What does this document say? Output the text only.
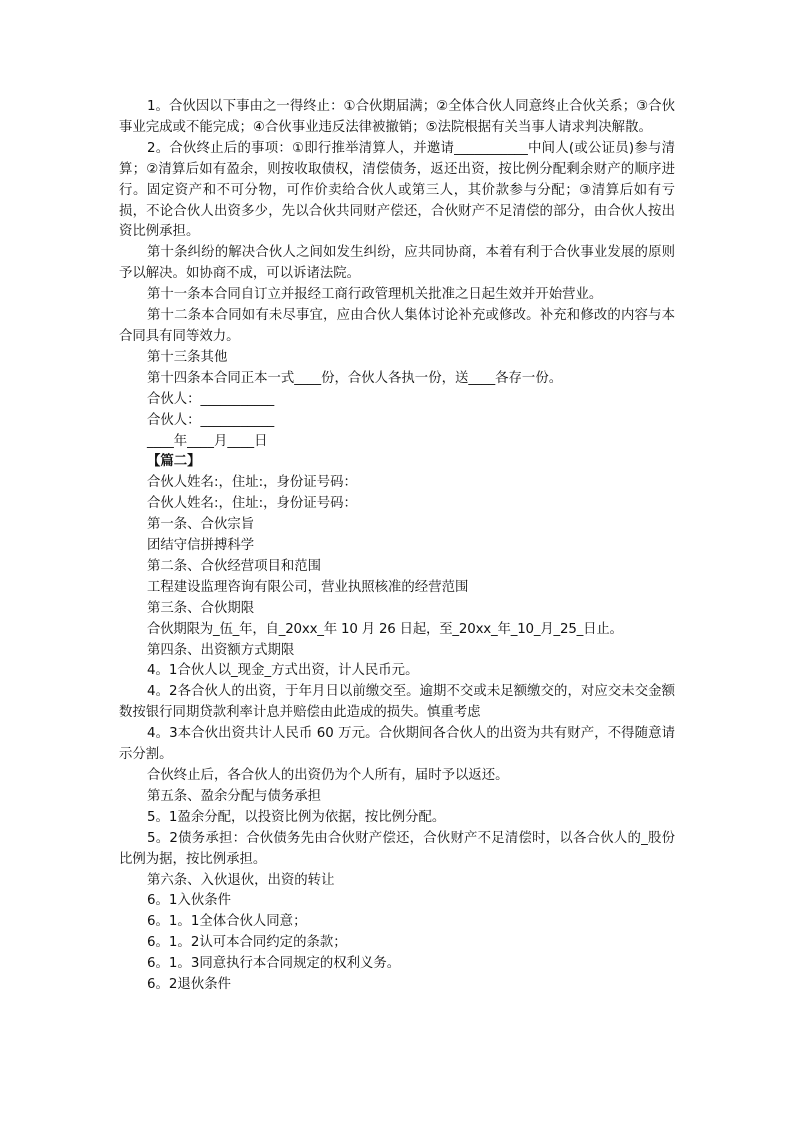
1。合伙因以下事由之一得终止：①合伙期届满；②全体合伙人同意终止合伙关系；③合伙事业完成或不能完成；④合伙事业违反法律被撤销；⑤法院根据有关当事人请求判决解散。

2。合伙终止后的事项：①即行推举清算人，并邀请___________中间人(或公证员)参与清算；②清算后如有盈余，则按收取债权，清偿债务，返还出资，按比例分配剩余财产的顺序进行。固定资产和不可分物，可作价卖给合伙人或第三人，其价款参与分配；③清算后如有亏损，不论合伙人出资多少，先以合伙共同财产偿还，合伙财产不足清偿的部分，由合伙人按出资比例承担。

第十条纠纷的解决合伙人之间如发生纠纷，应共同协商，本着有利于合伙事业发展的原则予以解决。如协商不成，可以诉诸法院。

第十一条本合同自订立并报经工商行政管理机关批准之日起生效并开始营业。

第十二条本合同如有未尽事宜，应由合伙人集体讨论补充或修改。补充和修改的内容与本合同具有同等效力。

第十三条其他

第十四条本合同正本一式____份，合伙人各执一份，送____各存一份。

合伙人：___________

合伙人：___________

____年____月____日

【篇二】

合伙人姓名:，住址:，身份证号码：

合伙人姓名:，住址:，身份证号码：

第一条、合伙宗旨

团结守信拼搏科学

第二条、合伙经营项目和范围

工程建设监理咨询有限公司，营业执照核准的经营范围

第三条、合伙期限

合伙期限为_伍_年，自_20xx_年 10 月 26 日起，至_20xx_年_10_月_25_日止。

第四条、出资额方式期限

4。1合伙人以_现金_方式出资，计人民币元。

4。2各合伙人的出资，于年月日以前缴交至。逾期不交或未足额缴交的，对应交未交金额数按银行同期贷款利率计息并赔偿由此造成的损失。慎重考虑

4。3本合伙出资共计人民币 60 万元。合伙期间各合伙人的出资为共有财产，不得随意请示分割。

合伙终止后，各合伙人的出资仍为个人所有，届时予以返还。

第五条、盈余分配与债务承担

5。1盈余分配，以投资比例为依据，按比例分配。

5。2债务承担：合伙债务先由合伙财产偿还，合伙财产不足清偿时，以各合伙人的_股份比例为据，按比例承担。

第六条、入伙退伙，出资的转让

6。1入伙条件

6。1。1全体合伙人同意；

6。1。2认可本合同约定的条款；

6。1。3同意执行本合同规定的权利义务。

6。2退伙条件
